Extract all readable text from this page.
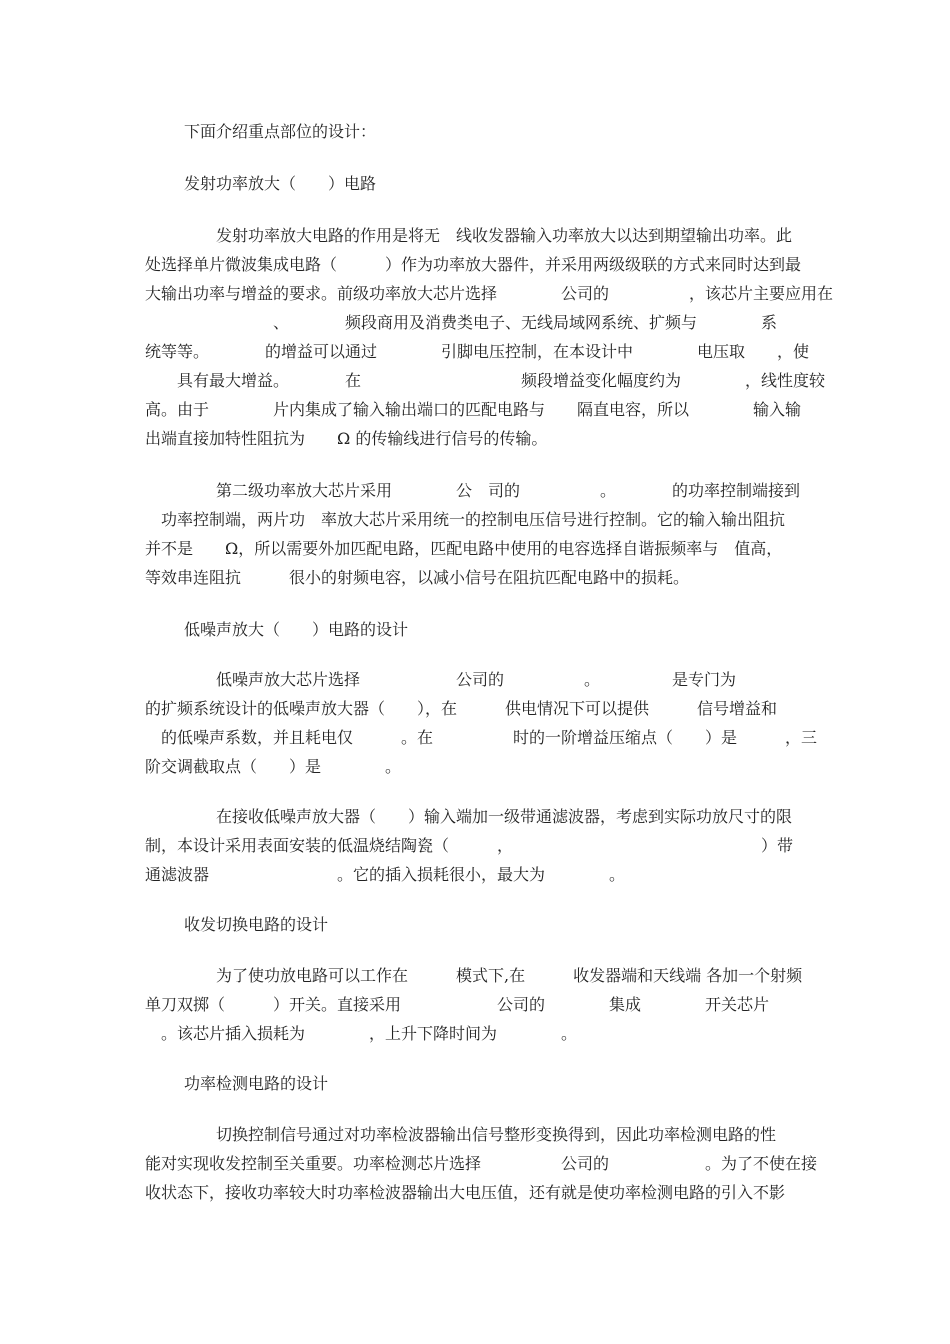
下面介绍重点部位的设计：
发射功率放大（　　）电路
发射功率放大电路的作用是将无　线收发器输入功率放大以达到期望输出功率。此
处选择单片微波集成电路（　　　）作为功率放大器件，并采用两级级联的方式来同时达到最
大输出功率与增益的要求。前级功率放大芯片选择　　　　公司的　　　　　，该芯片主要应用在
　　　　　　　　、　　　　频段商用及消费类电子、无线局域网系统、扩频与　　　　系
统等等。　　　　的增益可以通过　　　　引脚电压控制，在本设计中　　　　电压取　　，使
　　具有最大增益。　　　　在　　　　　　　　　　频段增益变化幅度约为　　　　，线性度较
高。由于　　　　片内集成了输入输出端口的匹配电路与　　隔直电容，所以　　　　输入输
出端直接加特性阻抗为　　Ω 的传输线进行信号的传输。
第二级功率放大芯片采用　　　　公　司的　　　　　。　　　　的功率控制端接到
　功率控制端，两片功　率放大芯片采用统一的控制电压信号进行控制。它的输入输出阻抗
并不是　　Ω，所以需要外加匹配电路，匹配电路中使用的电容选择自谐振频率与　值高，
等效串连阻抗　　　很小的射频电容，以减小信号在阻抗匹配电路中的损耗。
低噪声放大（　　）电路的设计
低噪声放大芯片选择　　　　　　公司的　　　　　。　　　　　是专门为
的扩频系统设计的低噪声放大器（　　），在　　　供电情况下可以提供　　　信号增益和
　的低噪声系数，并且耗电仅　　　。在　　　　　时的一阶增益压缩点（　　）是　　　，三
阶交调截取点（　　）是　　　　。
在接收低噪声放大器（　　）输入端加一级带通滤波器，考虑到实际功放尺寸的限
制，本设计采用表面安装的低温烧结陶瓷（　　　，　　　　　　　　　　　　　　　　）带
通滤波器　　　　　　　　。它的插入损耗很小，最大为　　　　。
收发切换电路的设计
为了使功放电路可以工作在　　　模式下,在　　　收发器端和天线端 各加一个射频
单刀双掷（　　　）开关。直接采用　　　　　　公司的　　　　集成　　　　开关芯片
　。该芯片插入损耗为　　　　，上升下降时间为　　　　。
功率检测电路的设计
切换控制信号通过对功率检波器输出信号整形变换得到，因此功率检测电路的性
能对实现收发控制至关重要。功率检测芯片选择　　　　　公司的　　　　　　。为了不使在接
收状态下，接收功率较大时功率检波器输出大电压值，还有就是使功率检测电路的引入不影
